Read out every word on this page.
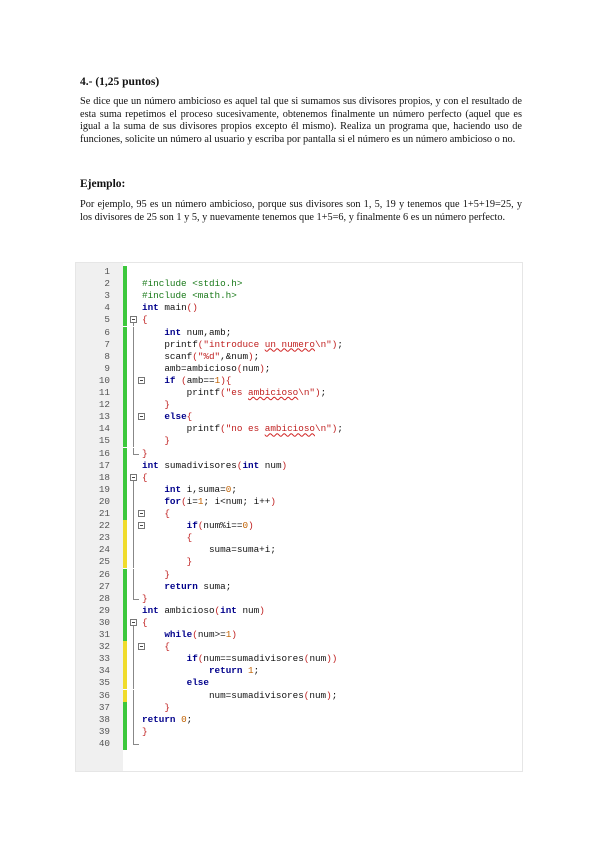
4.- (1,25 puntos)
Se dice que un número ambicioso es aquel tal que si sumamos sus divisores propios, y con el resultado de esta suma repetimos el proceso sucesivamente, obtenemos finalmente un número perfecto (aquel que es igual a la suma de sus divisores propios excepto él mismo). Realiza un programa que, haciendo uso de funciones, solicite un número al usuario y escriba por pantalla si el número es un número ambicioso o no.
Ejemplo:
Por ejemplo, 95 es un número ambicioso, porque sus divisores son 1, 5, 19 y tenemos que 1+5+19=25, y los divisores de 25 son 1 y 5, y nuevamente tenemos que 1+5=6, y finalmente 6 es un número perfecto.
1
2	#include <stdio.h>
3	#include <math.h>
4	int main()
5	{
6	int num,amb;
7	printf("introduce un numero\n");
8	scanf("%d",&num);
9	amb=ambicioso(num);
10	if (amb==1){
11	printf("es ambicioso\n");
12	}
13	else{
14	printf("no es ambicioso\n");
15	}
16	}
17	int sumadivisores(int num)
18	{
19	int i,suma=0;
20	for(i=1; i<num; i++)
21	{
22	if(num%i==0)
23	{
24	suma=suma+i;
25	}
26	}
27	return suma;
28	}
29	int ambicioso(int num)
30	{
31	while(num>=1)
32	{
33	if(num==sumadivisores(num))
34	return 1;
35	else
36	num=sumadivisores(num);
37	}
38	return 0;
39	}
40
